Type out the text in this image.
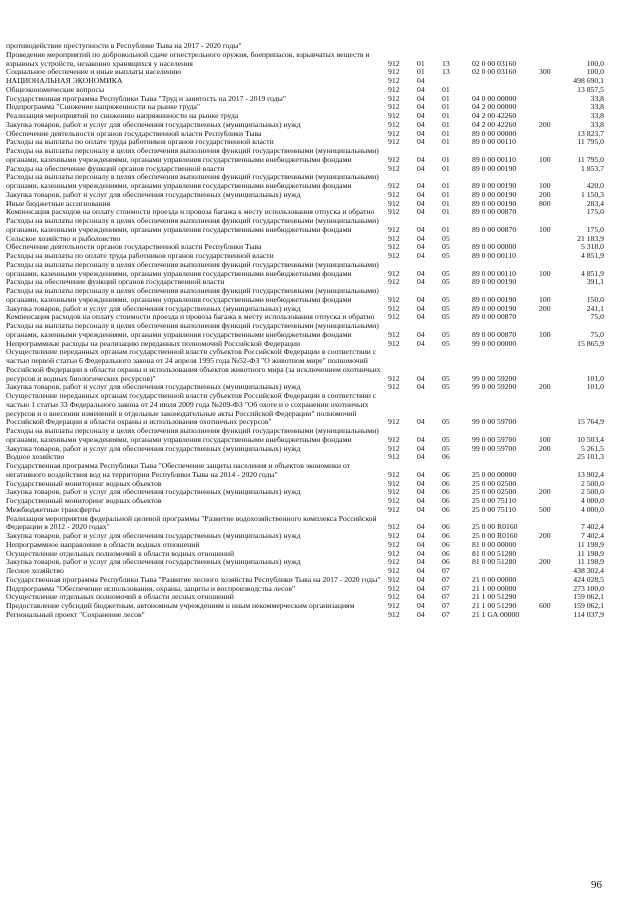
противодействие преступности в Республике Тыва на 2017 - 2020 годы"
Проведение мероприятий по добровольной сдаче огнестрельного оружия, боеприпасов, взрывчатых веществ и взрывных устройств, незаконно хранящихся у населения	912 01 13	02 0 00 03160	100,0
Социальное обеспечение и иные выплаты населению	912 01 13	02 0 00 03160	300	100,0
НАЦИОНАЛЬНАЯ ЭКОНОМИКА	912 04	498 690,1
Общеэкономические вопросы	912 04 01	13 857,5
Государственная программа Республики Тыва "Труд и занятость на 2017 - 2019 годы"	912 04 01	04 0 00 00000	33,8
Подпрограмма "Снижение напряженности на рынке труда"	912 04 01	04 2 00 00000	33,8
Реализация мероприятий по снижению напряженности на рынке труда	912 04 01	04 2 00 42260	33,8
Закупка товаров, работ и услуг для обеспечения государственных (муниципальных) нужд	912 04 01	04 2 00 42260	200	33,8
Обеспечение деятельности органов государственной власти Республики Тыва	912 04 01	89 0 00 00000	13 823,7
Расходы на выплаты по оплате труда работников органов государственной власти	912 04 01	89 0 00 00110	11 795,0
Расходы на выплаты персоналу в целях обеспечения выполнения функций государственными (муниципальными) органами, казенными учреждениями, органами управления государственными внебюджетными фондами	912 04 01	89 0 00 00110	100	11 795,0
Расходы на обеспечение функций органов государственной власти	912 04 01	89 0 00 00190	1 853,7
Расходы на выплаты персоналу в целях обеспечения выполнения функций государственными (муниципальными) органами, казенными учреждениями, органами управления государственными внебюджетными фондами	912 04 01	89 0 00 00190	100	420,0
Закупка товаров, работ и услуг для обеспечения государственных (муниципальных) нужд	912 04 01	89 0 00 00190	200	1 150,3
Иные бюджетные ассигнования	912 04 01	89 0 00 00190	800	283,4
Компенсация расходов на оплату стоимости проезда и провоза багажа к месту использования отпуска и обратно	912 04 01	89 0 00 00870	175,0
Расходы на выплаты персоналу в целях обеспечения выполнения функций государственными (муниципальными) органами, казенными учреждениями, органами управления государственными внебюджетными фондами	912 04 01	89 0 00 00870	100	175,0
Сельское хозяйство и рыболовство	912 04 05	21 183,9
Обеспечение деятельности органов государственной власти Республики Тыва	912 04 05	89 0 00 00000	5 318,0
Расходы на выплаты по оплате труда работников органов государственной власти	912 04 05	89 0 00 00110	4 851,9
Расходы на выплаты персоналу в целях обеспечения выполнения функций государственными (муниципальными) органами, казенными учреждениями, органами управления государственными внебюджетными фондами	912 04 05	89 0 00 00110	100	4 851,9
Расходы на обеспечение функций органов государственной власти	912 04 05	89 0 00 00190	391,1
Расходы на выплаты персоналу в целях обеспечения выполнения функций государственными (муниципальными) органами, казенными учреждениями, органами управления государственными внебюджетными фондами	912 04 05	89 0 00 00190	100	150,0
Закупка товаров, работ и услуг для обеспечения государственных (муниципальных) нужд	912 04 05	89 0 00 00190	200	241,1
Компенсация расходов на оплату стоимости проезда и провоза багажа к месту использования отпуска и обратно	912 04 05	89 0 00 00870	75,0
Расходы на выплаты персоналу в целях обеспечения выполнения функций государственными (муниципальными) органами, казенными учреждениями, органами управления государственными внебюджетными фондами	912 04 05	89 0 00 00870	100	75,0
Непрограммные расходы на реализацию переданных полномочий Российской Федерации	912 04 05	99 0 00 00000	15 865,9
Осуществление переданных органам государственной власти субъектов Российской Федерации в соответствии с частью первой статьи 6 Федерального закона от 24 апреля 1995 года №52-ФЗ "О животном мире" полномочий Российской Федерации в области охраны и использования объектов животного мира (за исключением охотничьих ресурсов и водных биологических ресурсов)"	912 04 05	99 0 00 59200	101,0
Закупка товаров, работ и услуг для обеспечения государственных (муниципальных) нужд	912 04 05	99 0 00 59200	200	101,0
Осуществление переданных органам государственной власти субъектов Российской Федерации в соответствии с частью 1 статьи 33 Федерального закона от 24 июля 2009 года №209-ФЗ "Об охоте и о сохранении охотничьих ресурсов и о внесении изменений в отдельные законодательные акты Российской Федерации" полномочий Российской Федерации в области охраны и использования охотничьих ресурсов"	912 04 05	99 0 00 59700	15 764,9
Расходы на выплаты персоналу в целях обеспечения выполнения функций государственными (муниципальными) органами, казенными учреждениями, органами управления государственными внебюджетными фондами	912 04 05	99 0 00 59700	100	10 503,4
Закупка товаров, работ и услуг для обеспечения государственных (муниципальных) нужд	912 04 05	99 0 00 59700	200	5 261,5
Водное хозяйство	912 04 06	25 101,3
Государственная программа Республики Тыва "Обеспечение защиты населения и объектов экономики от негативного воздействия вод на территории Республики Тыва на 2014 - 2020 годы"	912 04 06	25 0 00 00000	13 902,4
Государственный мониторинг водных объектов	912 04 06	25 0 00 02500	2 500,0
Закупка товаров, работ и услуг для обеспечения государственных (муниципальных) нужд	912 04 06	25 0 00 02500	200	2 500,0
Государственный мониторинг водных объектов	912 04 06	25 0 00 75110	4 000,0
Межбюджетные трансферты	912 04 06	25 0 00 75110	500	4 000,0
Реализация мероприятия федеральной целевой программы "Развитие водохозяйственного комплекса Российской Федерации в 2012 - 2020 годах"	912 04 06	25 0 00 R0160	7 402,4
Закупка товаров, работ и услуг для обеспечения государственных (муниципальных) нужд	912 04 06	25 0 00 R0160	200	7 402,4
Непрограммное направление в области водных отношений	912 04 06	81 0 00 00000	11 198,9
Осуществление отдельных полномочий в области водных отношений	912 04 06	81 0 00 51280	11 198,9
Закупка товаров, работ и услуг для обеспечения государственных (муниципальных) нужд	912 04 06	81 0 00 51280	200	11 198,9
Лесное хозяйство	912 04 07	438 302,4
Государственная программа Республики Тыва "Развитие лесного хозяйства Республики Тыва на 2017 - 2020 годы" 912 04 07	21 0 00 00000	424 028,5
Подпрограмма "Обеспечение использования, охраны, защиты и воспроизводства лесов"	912 04 07	21 1 00 00000	273 100,0
Осуществление отдельных полномочий в области лесных отношений	912 04 07	21 1 00 51290	159 062,1
Предоставление субсидий бюджетным, автономным учреждениям и иным некоммерческим организациям	912 04 07	21 1 00 51290	600	159 062,1
Региональный проект "Сохранение лесов"	912 04 07	21 1 GA 00000	114 037,9
96
